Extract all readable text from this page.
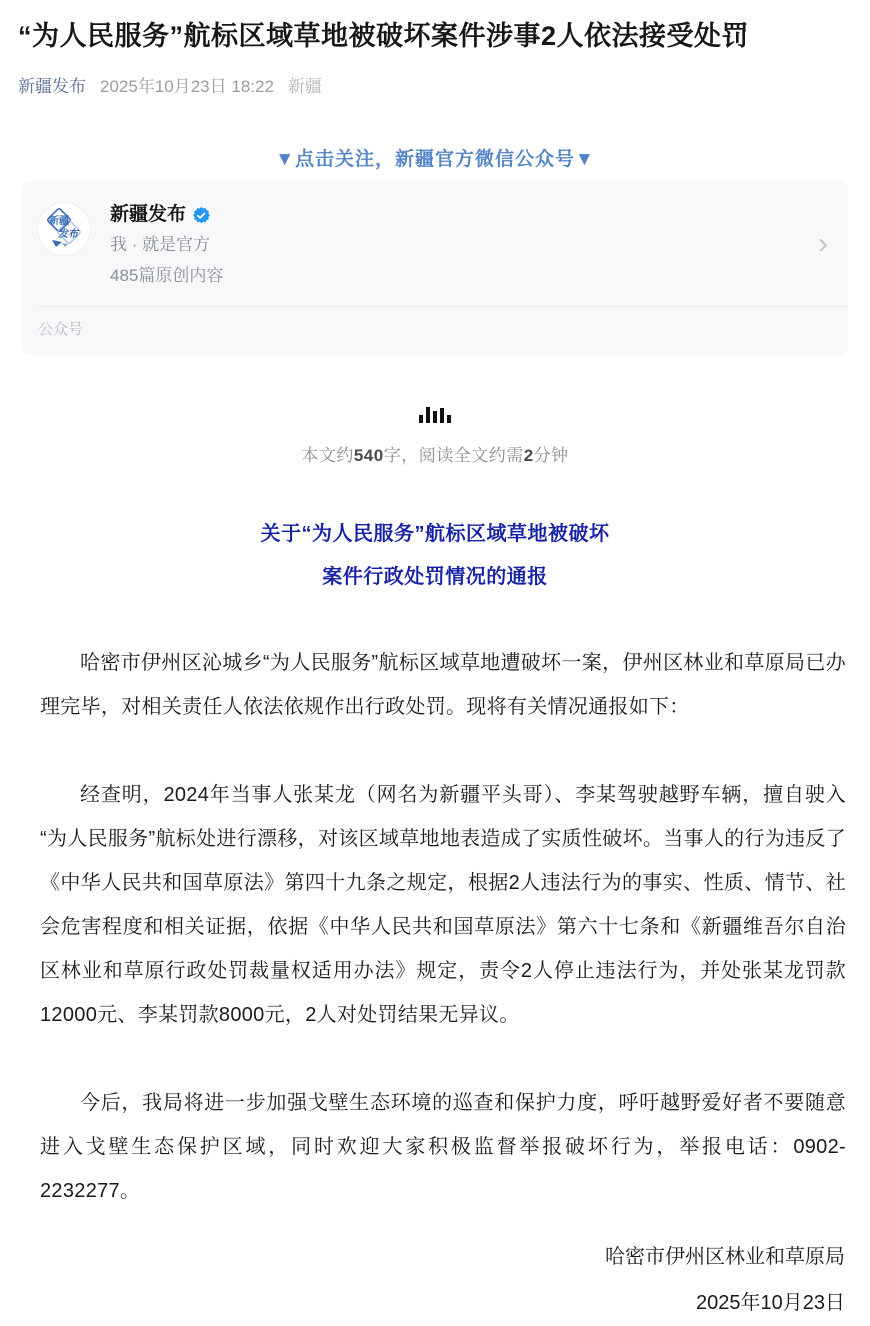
“为人民服务”航标区域草地被破坏案件涉事2人依法接受处罚
新疆发布 2025年10月23日 18:22 新疆
▼点击关注，新疆官方微信公众号▼
新疆
发布
新疆发布
我 · 就是官方
485篇原创内容
›
公众号
本文约540字，阅读全文约需2分钟
关于“为人民服务”航标区域草地被破坏
案件行政处罚情况的通报

哈密市伊州区沁城乡“为人民服务”航标区域草地遭破坏一案，伊州区林业和草原局已办理完毕，对相关责任人依法依规作出行政处罚。现将有关情况通报如下：

经查明，2024年当事人张某龙（网名为新疆平头哥）、李某驾驶越野车辆，擅自驶入“为人民服务”航标处进行漂移，对该区域草地地表造成了实质性破坏。当事人的行为违反了《中华人民共和国草原法》第四十九条之规定，根据2人违法行为的事实、性质、情节、社会危害程度和相关证据，依据《中华人民共和国草原法》第六十七条和《新疆维吾尔自治区林业和草原行政处罚裁量权适用办法》规定，责令2人停止违法行为，并处张某龙罚款12000元、李某罚款8000元，2人对处罚结果无异议。

今后，我局将进一步加强戈壁生态环境的巡查和保护力度，呼吁越野爱好者不要随意进入戈壁生态保护区域，同时欢迎大家积极监督举报破坏行为，举报电话：0902-2232277。

哈密市伊州区林业和草原局
2025年10月23日
